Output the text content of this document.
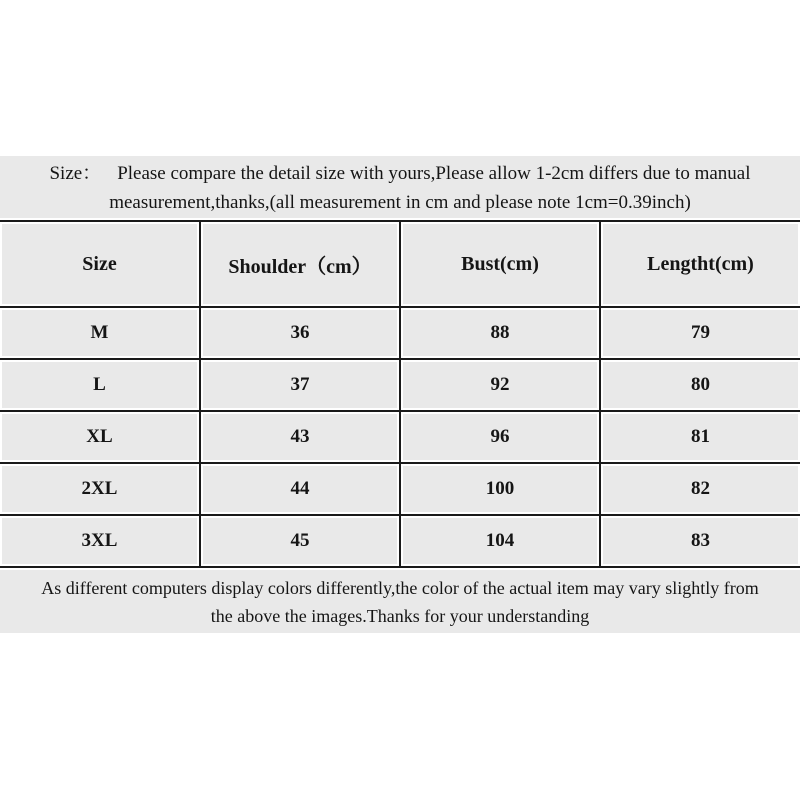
Size： Please compare the detail size with yours,Please allow 1-2cm differs due to manual

measurement,thanks,(all measurement in cm and please note 1cm=0.39inch)

Size	Shoulder（cm）	Bust(cm)	Lengtht(cm)
M	36	88	79
L	37	92	80
XL	43	96	81
2XL	44	100	82
3XL	45	104	83

As different computers display colors differently,the color of the actual item may vary slightly from

the above the images.Thanks for your understanding
